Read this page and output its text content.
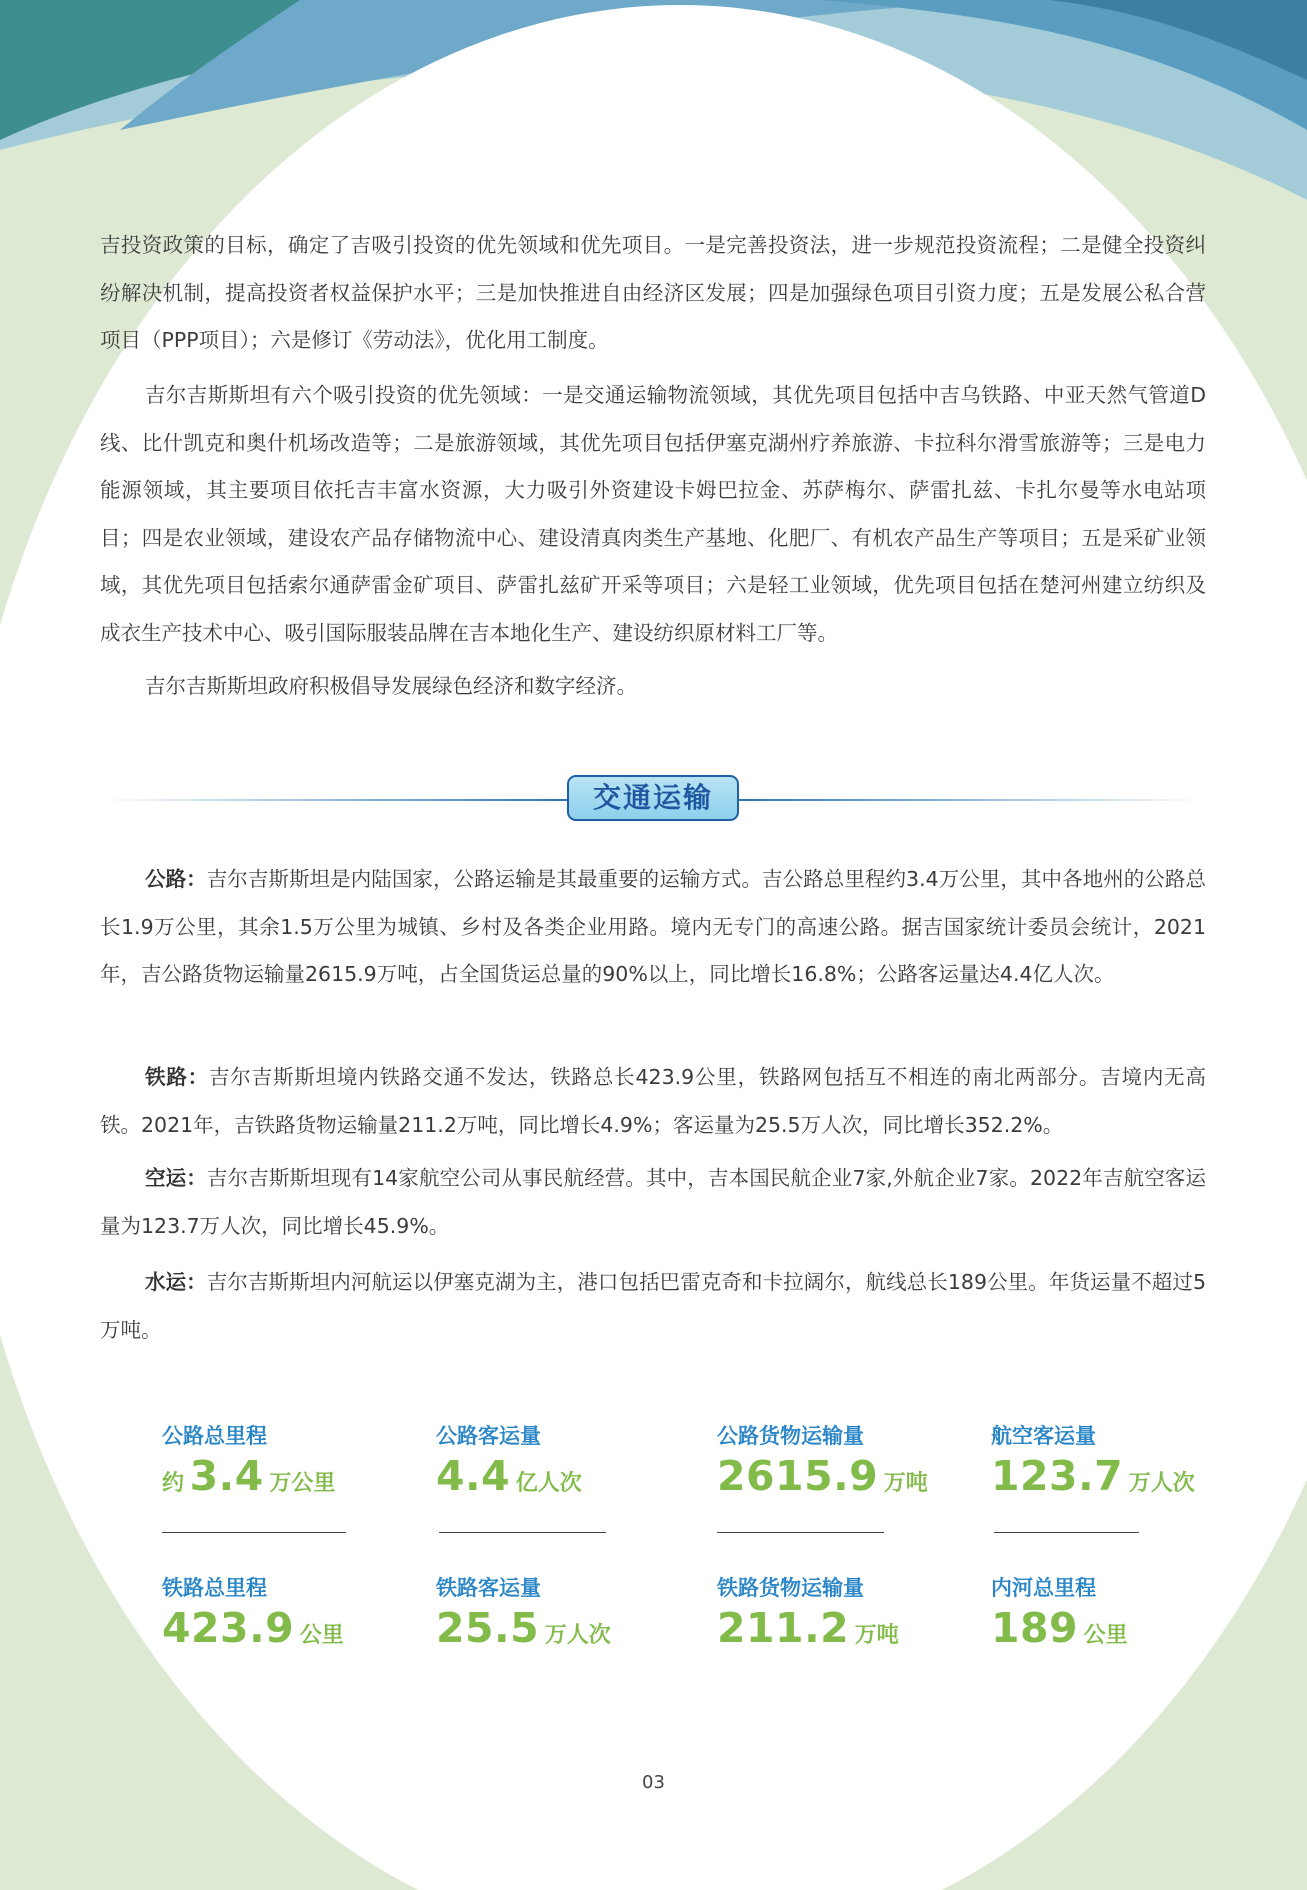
吉投资政策的目标，确定了吉吸引投资的优先领域和优先项目。一是完善投资法，进一步规范投资流程；二是健全投资纠纷解决机制，提高投资者权益保护水平；三是加快推进自由经济区发展；四是加强绿色项目引资力度；五是发展公私合营项目（PPP项目）；六是修订《劳动法》，优化用工制度。

吉尔吉斯斯坦有六个吸引投资的优先领域：一是交通运输物流领域，其优先项目包括中吉乌铁路、中亚天然气管道D线、比什凯克和奥什机场改造等；二是旅游领域，其优先项目包括伊塞克湖州疗养旅游、卡拉科尔滑雪旅游等；三是电力能源领域，其主要项目依托吉丰富水资源，大力吸引外资建设卡姆巴拉金、苏萨梅尔、萨雷扎兹、卡扎尔曼等水电站项目；四是农业领域，建设农产品存储物流中心、建设清真肉类生产基地、化肥厂、有机农产品生产等项目；五是采矿业领域，其优先项目包括索尔通萨雷金矿项目、萨雷扎兹矿开采等项目；六是轻工业领域，优先项目包括在楚河州建立纺织及成衣生产技术中心、吸引国际服装品牌在吉本地化生产、建设纺织原材料工厂等。

吉尔吉斯斯坦政府积极倡导发展绿色经济和数字经济。

交通运输

公路：吉尔吉斯斯坦是内陆国家，公路运输是其最重要的运输方式。吉公路总里程约3.4万公里，其中各地州的公路总长1.9万公里，其余1.5万公里为城镇、乡村及各类企业用路。境内无专门的高速公路。据吉国家统计委员会统计，2021年，吉公路货物运输量2615.9万吨，占全国货运总量的90%以上，同比增长16.8%；公路客运量达4.4亿人次。

铁路：吉尔吉斯斯坦境内铁路交通不发达，铁路总长423.9公里，铁路网包括互不相连的南北两部分。吉境内无高铁。2021年，吉铁路货物运输量211.2万吨，同比增长4.9%；客运量为25.5万人次，同比增长352.2%。

空运：吉尔吉斯斯坦现有14家航空公司从事民航经营。其中，吉本国民航企业7家,外航企业7家。2022年吉航空客运量为123.7万人次，同比增长45.9%。

水运：吉尔吉斯斯坦内河航运以伊塞克湖为主，港口包括巴雷克奇和卡拉阔尔，航线总长189公里。年货运量不超过5万吨。

公路总里程
约 3.4 万公里
公路客运量
4.4 亿人次
公路货物运输量
2615.9 万吨
航空客运量
123.7 万人次
铁路总里程
423.9 公里
铁路客运量
25.5 万人次
铁路货物运输量
211.2 万吨
内河总里程
189 公里
03
